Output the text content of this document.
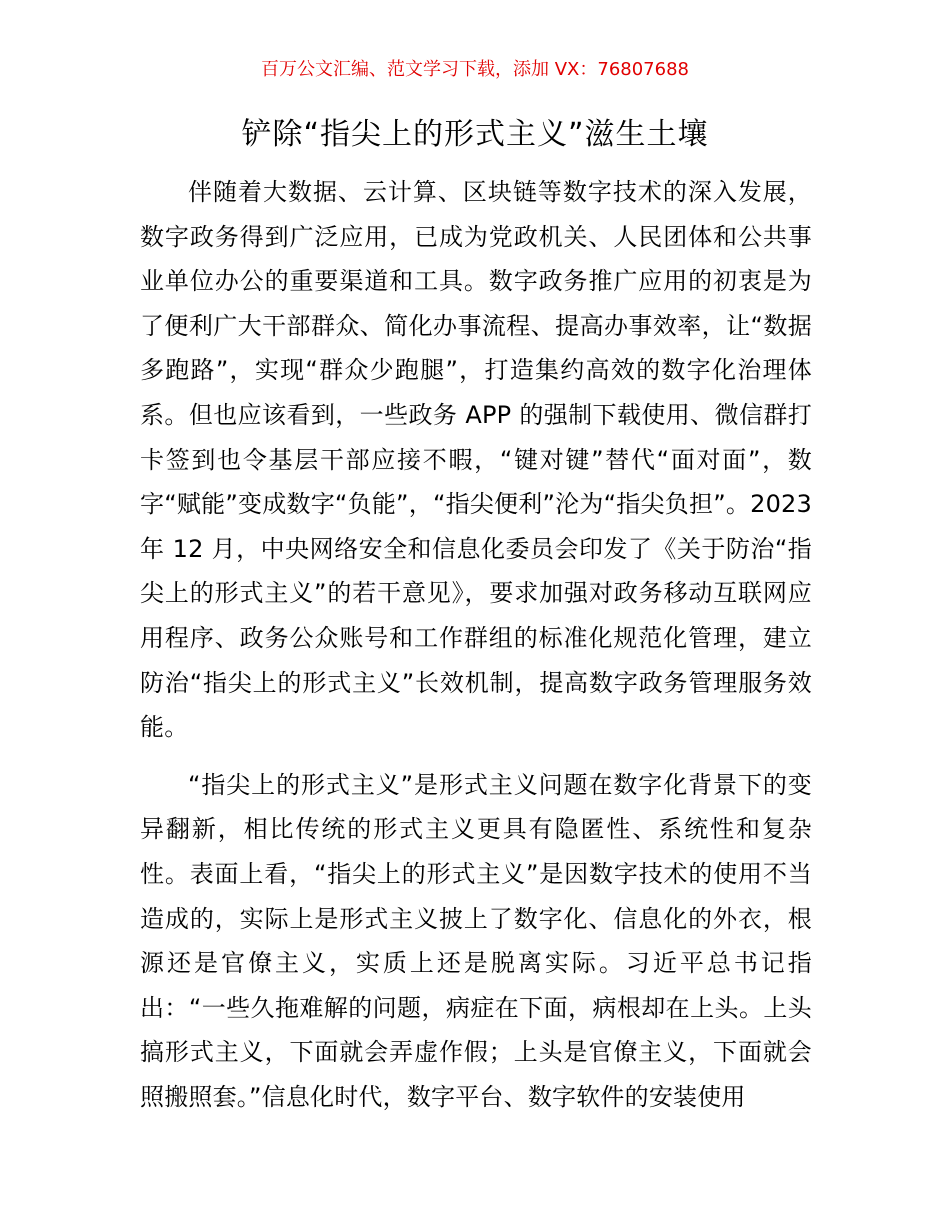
百万公文汇编、范文学习下载，添加 VX：76807688

铲除“指尖上的形式主义”滋生土壤

伴随着大数据、云计算、区块链等数字技术的深入发展，数字政务得到广泛应用，已成为党政机关、人民团体和公共事业单位办公的重要渠道和工具。数字政务推广应用的初衷是为了便利广大干部群众、简化办事流程、提高办事效率，让“数据多跑路”，实现“群众少跑腿”，打造集约高效的数字化治理体系。但也应该看到，一些政务 APP 的强制下载使用、微信群打卡签到也令基层干部应接不暇，“键对键”替代“面对面”，数字“赋能”变成数字“负能”，“指尖便利”沦为“指尖负担”。2023 年 12 月，中央网络安全和信息化委员会印发了《关于防治“指尖上的形式主义”的若干意见》，要求加强对政务移动互联网应用程序、政务公众账号和工作群组的标准化规范化管理，建立防治“指尖上的形式主义”长效机制，提高数字政务管理服务效能。

“指尖上的形式主义”是形式主义问题在数字化背景下的变异翻新，相比传统的形式主义更具有隐匿性、系统性和复杂性。表面上看，“指尖上的形式主义”是因数字技术的使用不当造成的，实际上是形式主义披上了数字化、信息化的外衣，根源还是官僚主义，实质上还是脱离实际。习近平总书记指出：“一些久拖难解的问题，病症在下面，病根却在上头。上头搞形式主义，下面就会弄虚作假；上头是官僚主义，下面就会照搬照套。”信息化时代，数字平台、数字软件的安装使用
